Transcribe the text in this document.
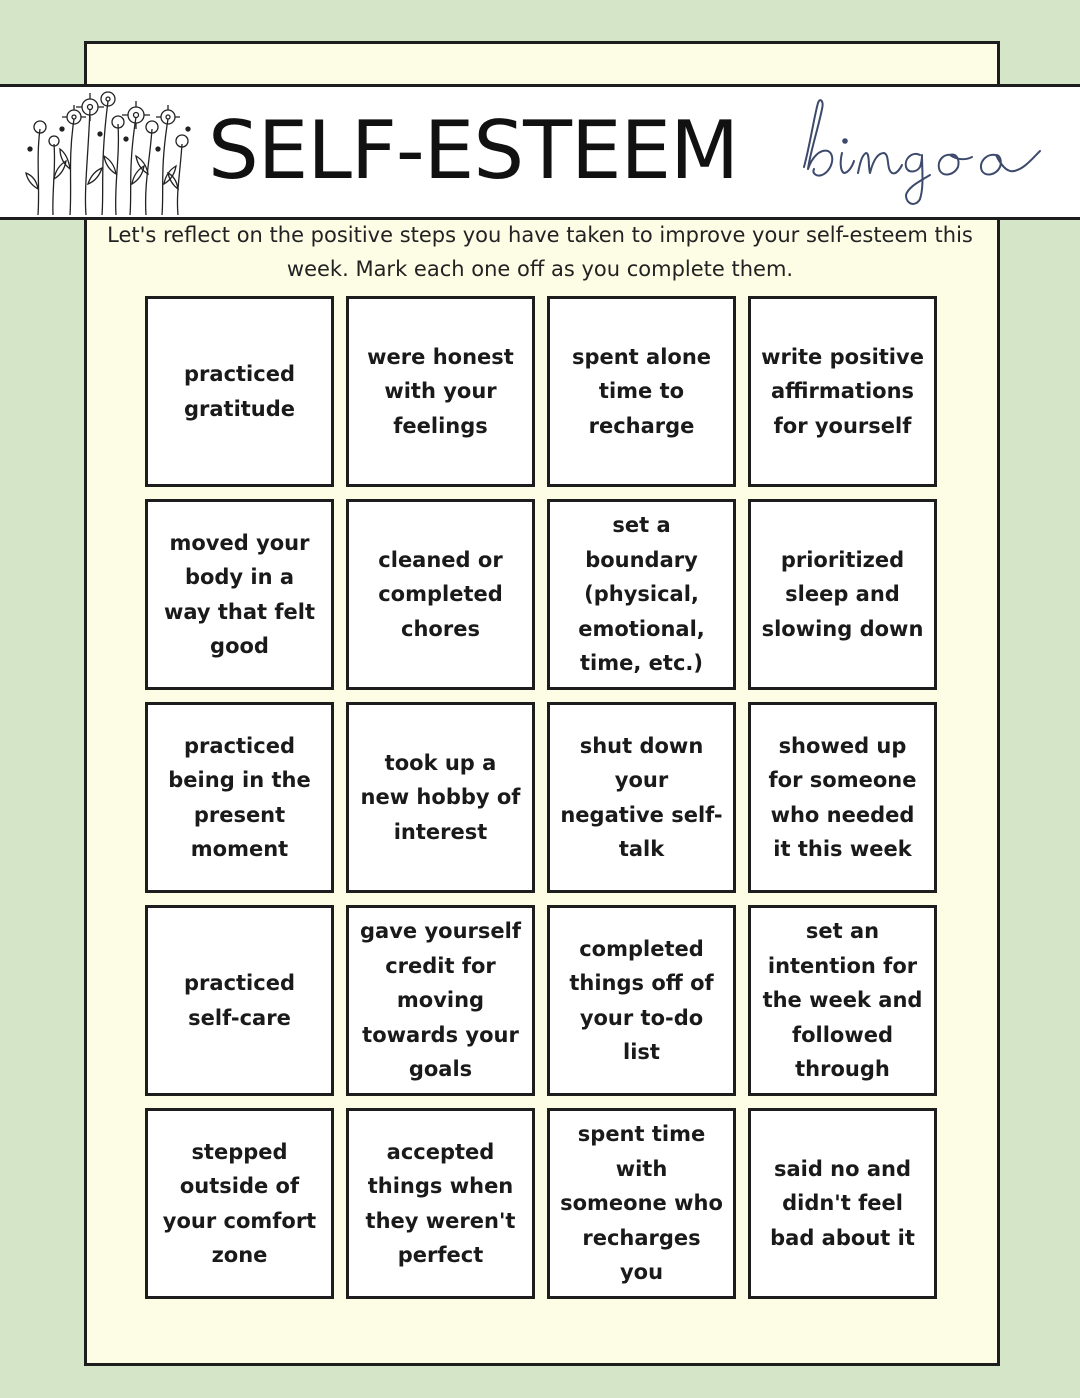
SELF-ESTEEM
Let's reflect on the positive steps you have taken to improve your self-esteem this week. Mark each one off as you complete them.
practiced gratitude
were honest with your feelings
spent alone time to recharge
write positive affirmations for yourself
moved your body in a way that felt good
cleaned or completed chores
set a boundary (physical, emotional, time, etc.)
prioritized sleep and slowing down
practiced being in the present moment
took up a new hobby of interest
shut down your negative self-talk
showed up for someone who needed it this week
practiced self-care
gave yourself credit for moving towards your goals
completed things off of your to-do list
set an intention for the week and followed through
stepped outside of your comfort zone
accepted things when they weren't perfect
spent time with someone who recharges you
said no and didn't feel bad about it
